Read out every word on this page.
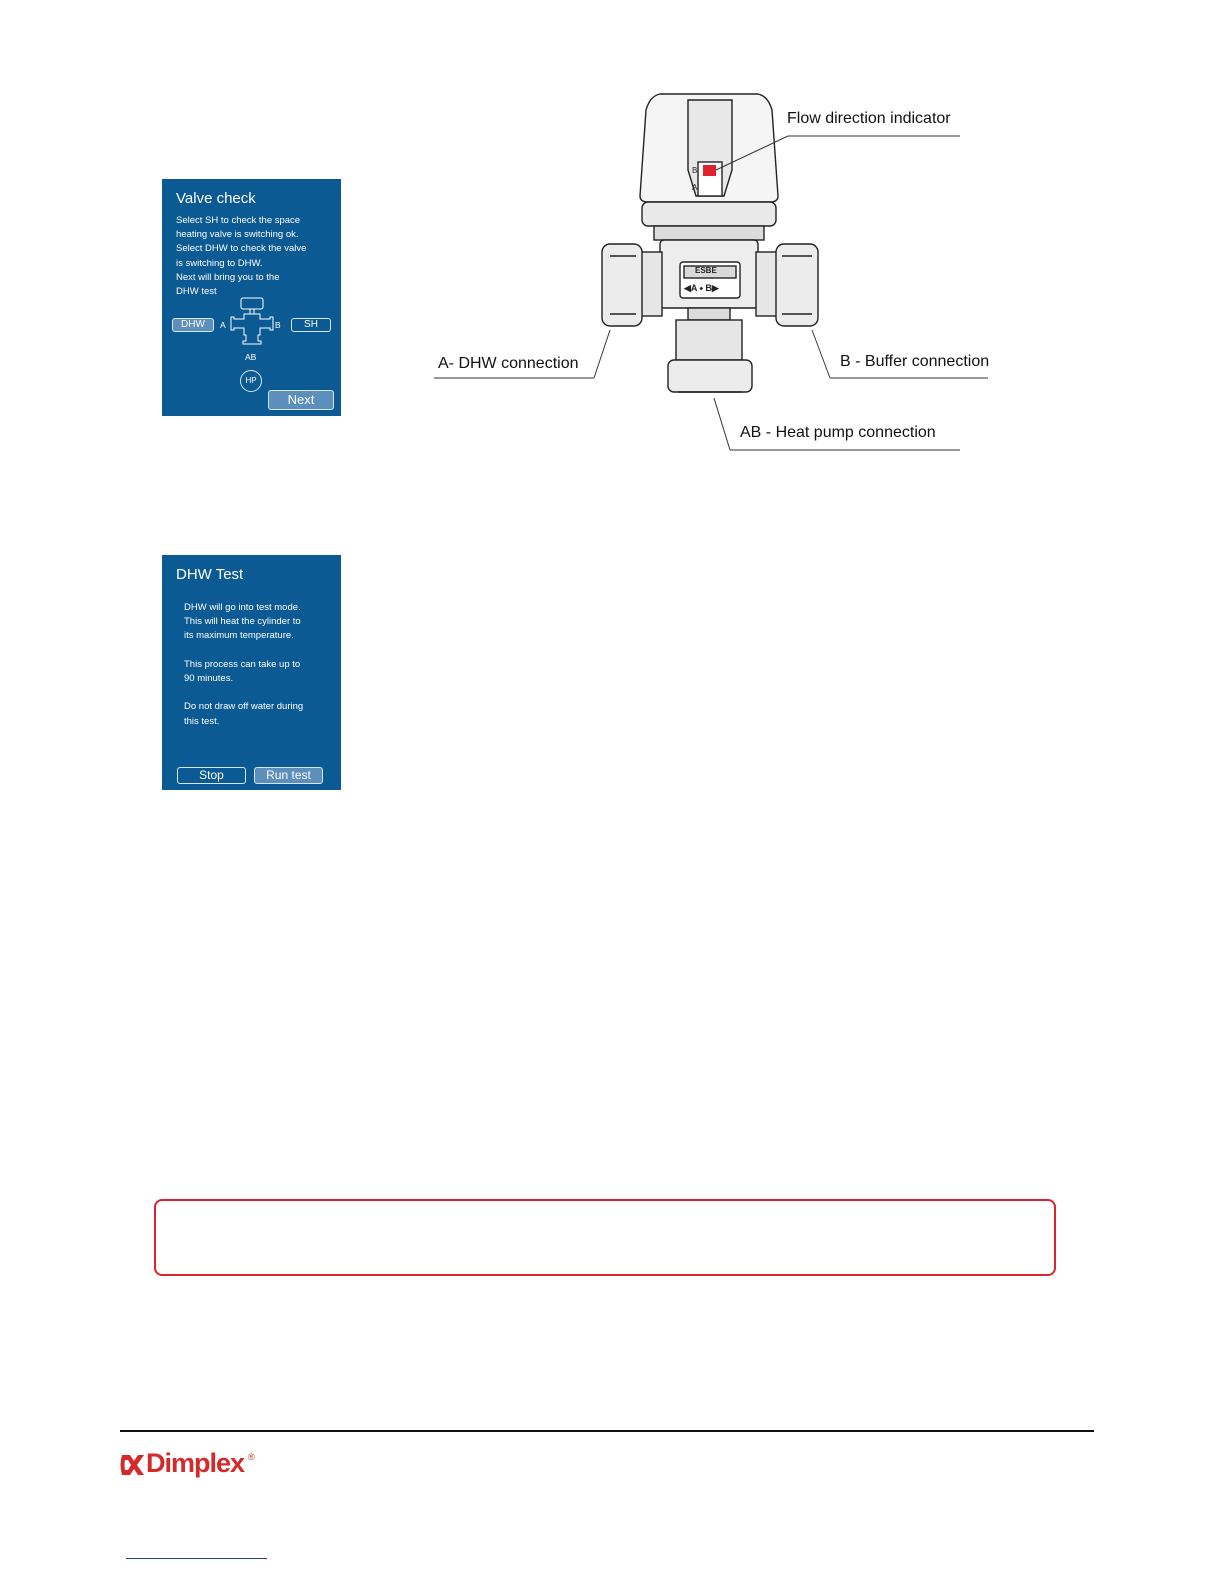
Valve check
Select SH to check the space
heating valve is switching ok.
Select DHW to check the valve
is switching to DHW.
Next will bring you to the
DHW test
DHW	SH
A	B
AB
HP
Next
DHW Test
DHW will go into test mode.
This will heat the cylinder to
its maximum temperature.
This process can take up to
90 minutes.
Do not draw off water during
this test.
Stop	Run test
B
A
ESBE
◀A ⬩ B▶
Flow direction indicator
A- DHW connection	B - Buffer connection
AB - Heat pump connection
Dimplex ®
